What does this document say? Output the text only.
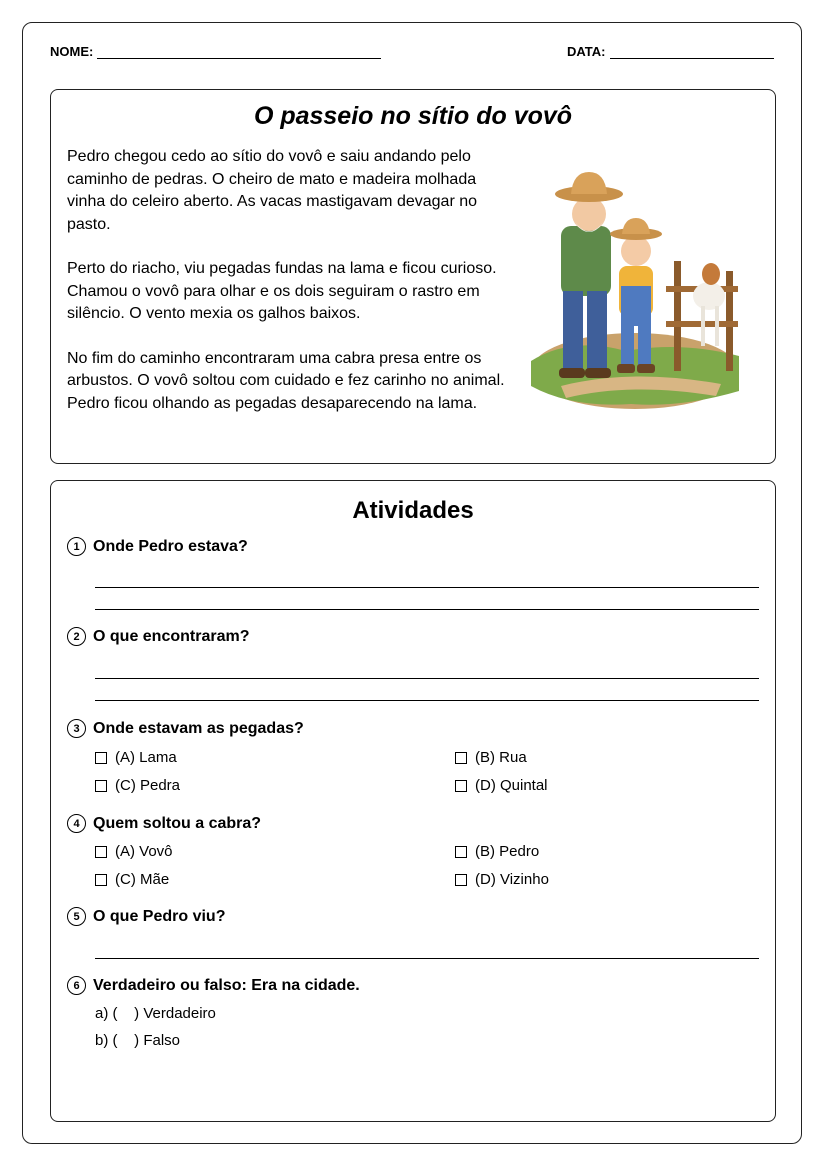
NOME:	DATA:
O passeio no sítio do vovô

Pedro chegou cedo ao sítio do vovô e saiu andando pelo caminho de pedras. O cheiro de mato e madeira molhada vinha do celeiro aberto. As vacas mastigavam devagar no pasto.

Perto do riacho, viu pegadas fundas na lama e ficou curioso. Chamou o vovô para olhar e os dois seguiram o rastro em silêncio. O vento mexia os galhos baixos.

No fim do caminho encontraram uma cabra presa entre os arbustos. O vovô soltou com cuidado e fez carinho no animal. Pedro ficou olhando as pegadas desaparecendo na lama.

Atividades
1 Onde Pedro estava?
2 O que encontraram?
3 Onde estavam as pegadas?
(A) Lama	(B) Rua
(C) Pedra	(D) Quintal
4 Quem soltou a cabra?
(A) Vovô	(B) Pedro
(C) Mãe	(D) Vizinho
5 O que Pedro viu?
6 Verdadeiro ou falso: Era na cidade.
a) (    ) Verdadeiro
b) (    ) Falso
